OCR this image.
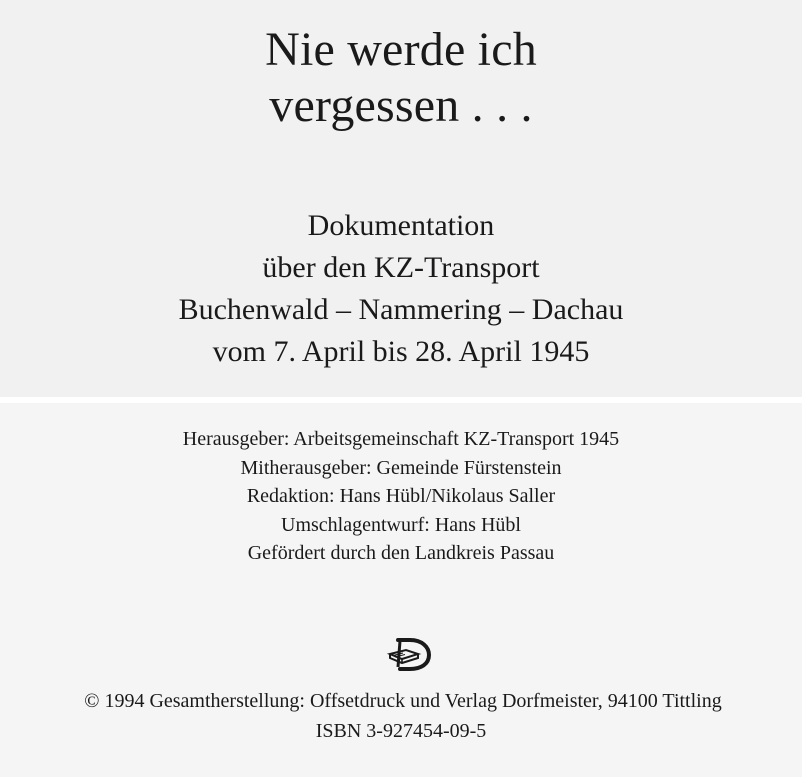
Nie werde ich
vergessen . . .
Dokumentation
über den KZ-Transport
Buchenwald – Nammering – Dachau
vom 7. April bis 28. April 1945
Herausgeber: Arbeitsgemeinschaft KZ-Transport 1945
Mitherausgeber: Gemeinde Fürstenstein
Redaktion: Hans Hübl/Nikolaus Saller
Umschlagentwurf: Hans Hübl
Gefördert durch den Landkreis Passau
© 1994 Gesamtherstellung: Offsetdruck und Verlag Dorfmeister, 94100 Tittling
ISBN 3-927454-09-5
